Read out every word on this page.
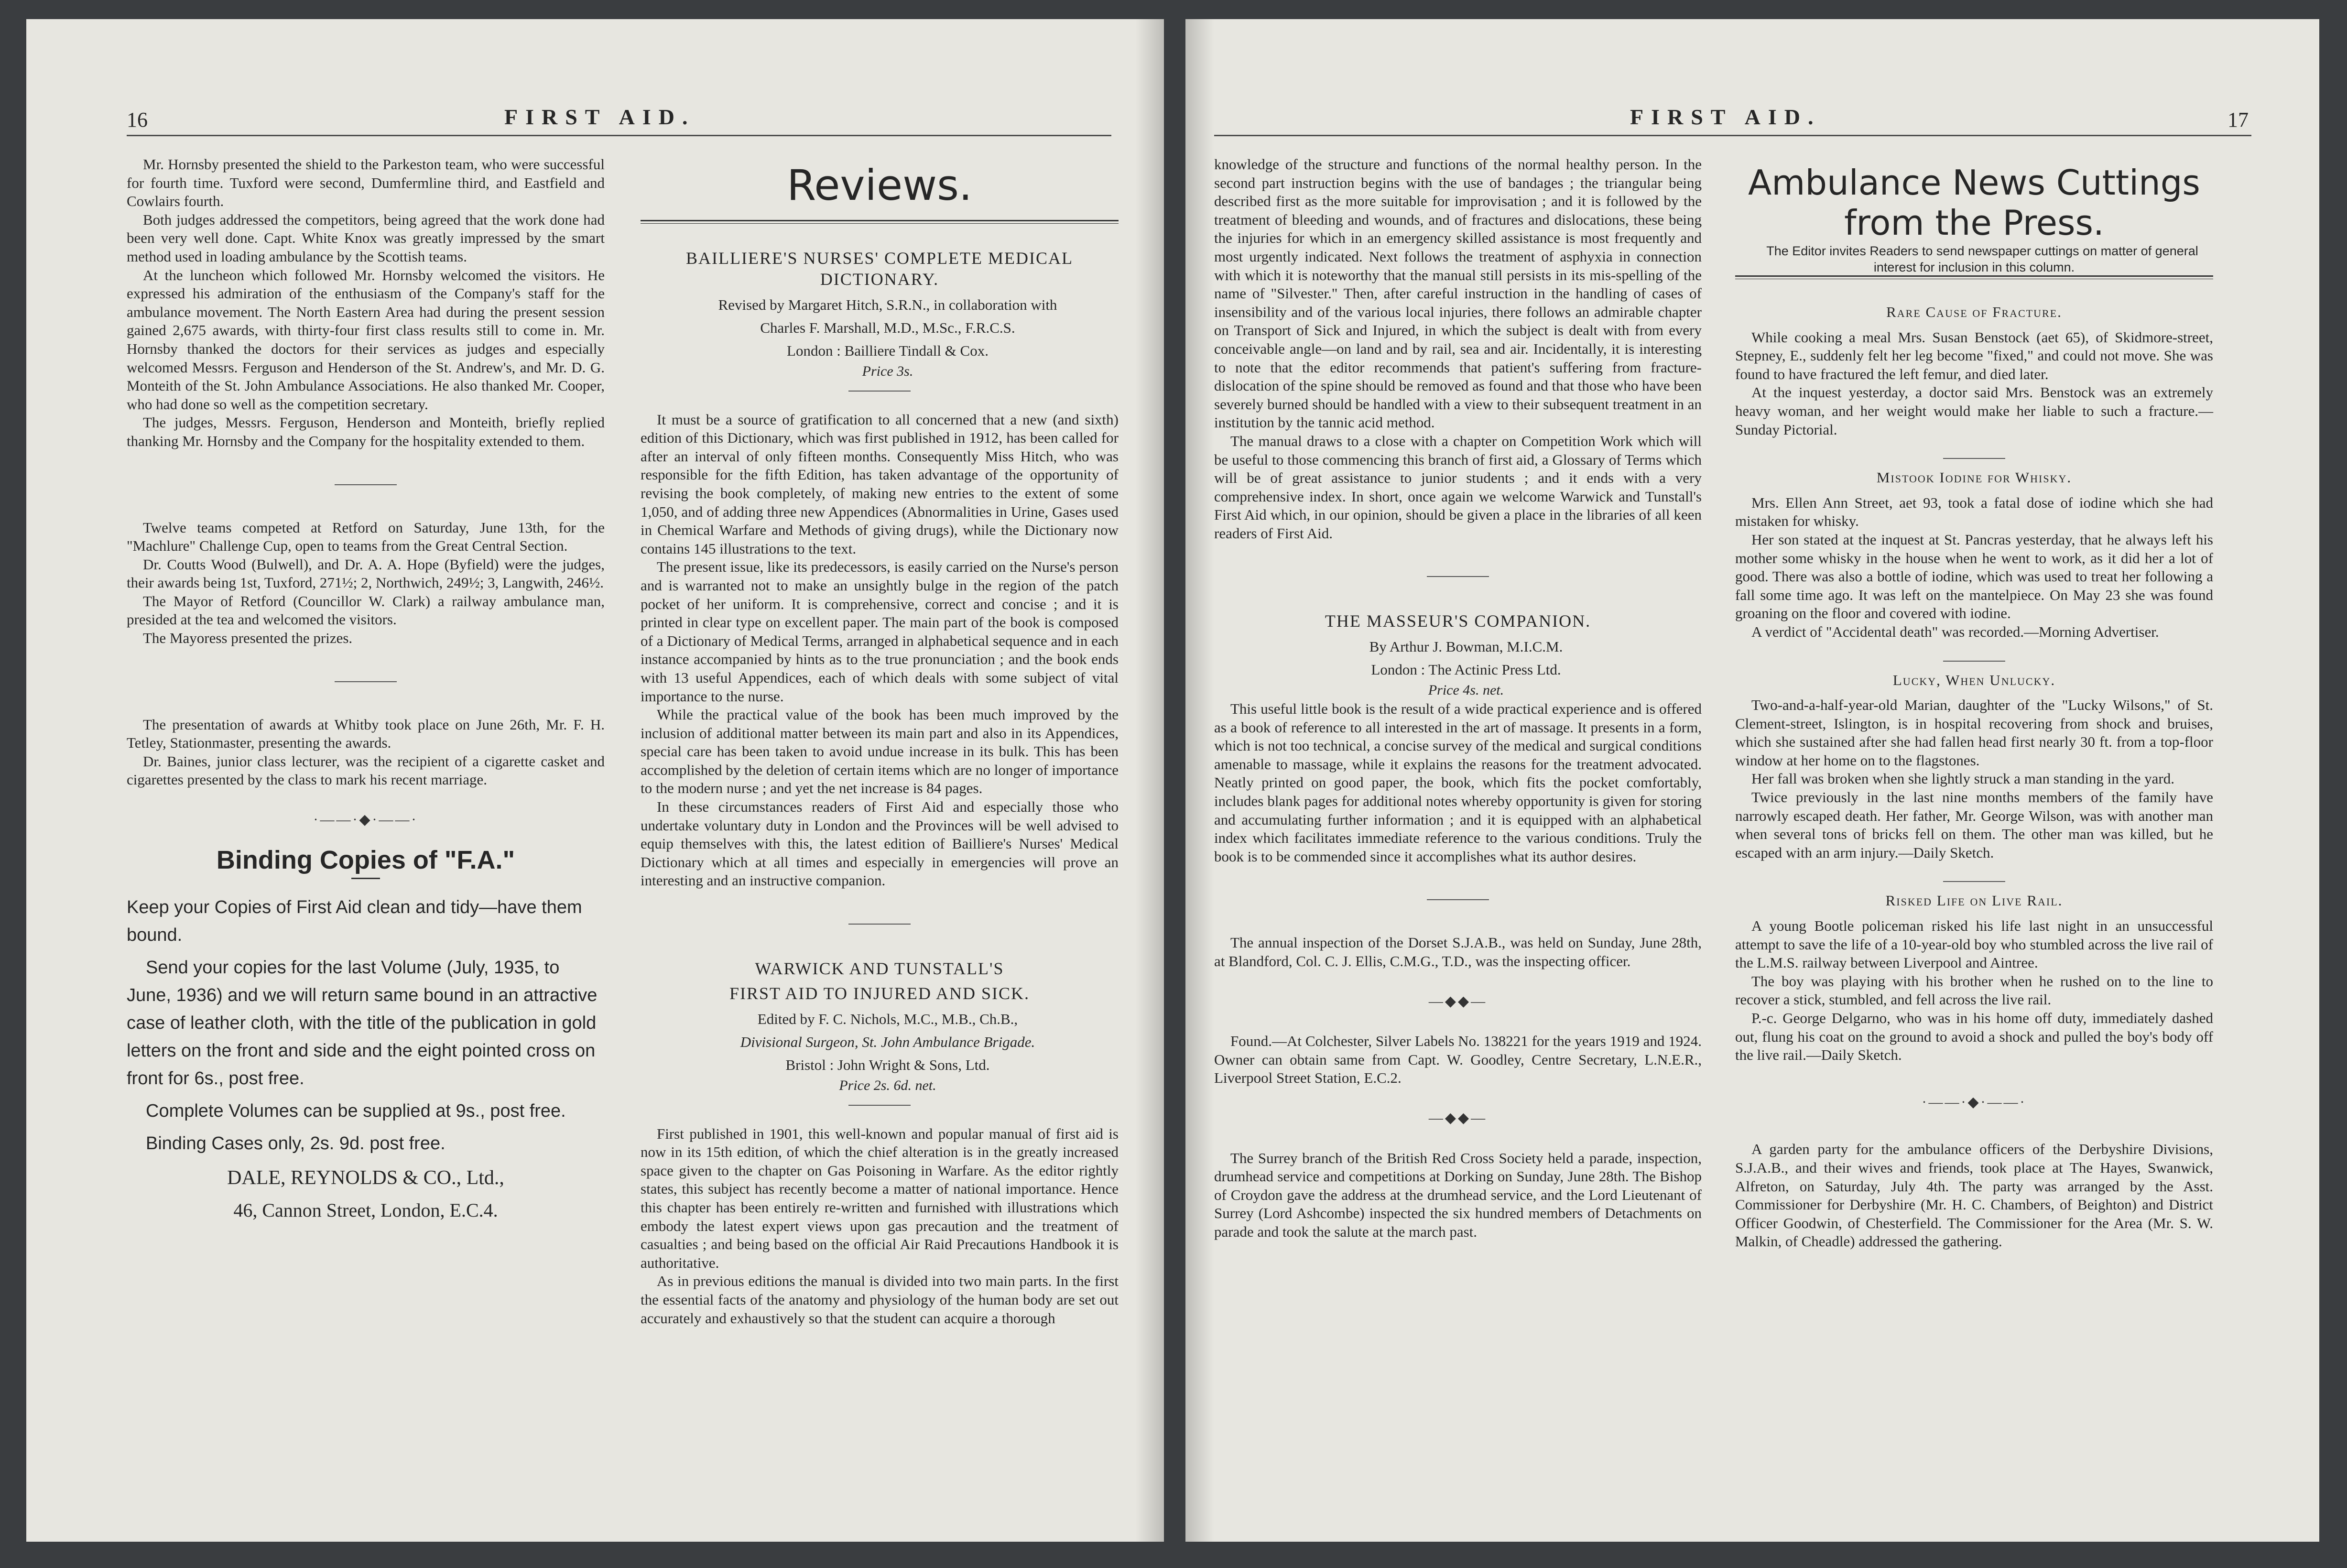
16	FIRST AID.

Mr. Hornsby presented the shield to the Parkeston team, who were successful for fourth time. Tuxford were second, Dumfermline third, and Eastfield and Cowlairs fourth.

Both judges addressed the competitors, being agreed that the work done had been very well done. Capt. White Knox was greatly impressed by the smart method used in loading ambulance by the Scottish teams.

At the luncheon which followed Mr. Hornsby welcomed the visitors. He expressed his admiration of the enthusiasm of the Company's staff for the ambulance movement. The North Eastern Area had during the present session gained 2,675 awards, with thirty-four first class results still to come in. Mr. Hornsby thanked the doctors for their services as judges and especially welcomed Messrs. Ferguson and Henderson of the St. Andrew's, and Mr. D. G. Monteith of the St. John Ambulance Associations. He also thanked Mr. Cooper, who had done so well as the competition secretary.

The judges, Messrs. Ferguson, Henderson and Monteith, briefly replied thanking Mr. Hornsby and the Company for the hospitality extended to them.

Twelve teams competed at Retford on Saturday, June 13th, for the "Machlure" Challenge Cup, open to teams from the Great Central Section.

Dr. Coutts Wood (Bulwell), and Dr. A. A. Hope (Byfield) were the judges, their awards being 1st, Tuxford, 271½; 2, Northwich, 249½; 3, Langwith, 246½.

The Mayor of Retford (Councillor W. Clark) a railway ambulance man, presided at the tea and welcomed the visitors.

The Mayoress presented the prizes.

The presentation of awards at Whitby took place on June 26th, Mr. F. H. Tetley, Stationmaster, presenting the awards.

Dr. Baines, junior class lecturer, was the recipient of a cigarette casket and cigarettes presented by the class to mark his recent marriage.

·——·◆·——·
Binding Copies of "F.A."

Keep your Copies of First Aid clean and tidy—have them bound.

Send your copies for the last Volume (July, 1935, to June, 1936) and we will return same bound in an attractive case of leather cloth, with the title of the publication in gold letters on the front and side and the eight pointed cross on front for 6s., post free.

Complete Volumes can be supplied at 9s., post free.

Binding Cases only, 2s. 9d. post free.

DALE, REYNOLDS & CO., Ltd.,

46, Cannon Street, London, E.C.4.

Reviews.
BAILLIERE'S NURSES' COMPLETE MEDICAL DICTIONARY.

Revised by Margaret Hitch, S.R.N., in collaboration with

Charles F. Marshall, M.D., M.Sc., F.R.C.S.

London : Bailliere Tindall & Cox.

Price 3s.

It must be a source of gratification to all concerned that a new (and sixth) edition of this Dictionary, which was first published in 1912, has been called for after an interval of only fifteen months. Consequently Miss Hitch, who was responsible for the fifth Edition, has taken advantage of the opportunity of revising the book completely, of making new entries to the extent of some 1,050, and of adding three new Appendices (Abnormalities in Urine, Gases used in Chemical Warfare and Methods of giving drugs), while the Dictionary now contains 145 illustrations to the text.

The present issue, like its predecessors, is easily carried on the Nurse's person and is warranted not to make an unsightly bulge in the region of the patch pocket of her uniform. It is comprehensive, correct and concise ; and it is printed in clear type on excellent paper. The main part of the book is composed of a Dictionary of Medical Terms, arranged in alphabetical sequence and in each instance accompanied by hints as to the true pronunciation ; and the book ends with 13 useful Appendices, each of which deals with some subject of vital importance to the nurse.

While the practical value of the book has been much improved by the inclusion of additional matter between its main part and also in its Appendices, special care has been taken to avoid undue increase in its bulk. This has been accomplished by the deletion of certain items which are no longer of importance to the modern nurse ; and yet the net increase is 84 pages.

In these circumstances readers of First Aid and especially those who undertake voluntary duty in London and the Provinces will be well advised to equip themselves with this, the latest edition of Bailliere's Nurses' Medical Dictionary which at all times and especially in emergencies will prove an interesting and an instructive companion.

WARWICK AND TUNSTALL'S
FIRST AID TO INJURED AND SICK.

Edited by F. C. Nichols, M.C., M.B., Ch.B.,

Divisional Surgeon, St. John Ambulance Brigade.

Bristol : John Wright & Sons, Ltd.

Price 2s. 6d. net.

First published in 1901, this well-known and popular manual of first aid is now in its 15th edition, of which the chief alteration is in the greatly increased space given to the chapter on Gas Poisoning in Warfare. As the editor rightly states, this subject has recently become a matter of national importance. Hence this chapter has been entirely re-written and furnished with illustrations which embody the latest expert views upon gas precaution and the treatment of casualties ; and being based on the official Air Raid Precautions Handbook it is authoritative.

As in previous editions the manual is divided into two main parts. In the first the essential facts of the anatomy and physiology of the human body are set out accurately and exhaustively so that the student can acquire a thorough

FIRST AID.	17

knowledge of the structure and functions of the normal healthy person. In the second part instruction begins with the use of bandages ; the triangular being described first as the more suitable for improvisation ; and it is followed by the treatment of bleeding and wounds, and of fractures and dislocations, these being the injuries for which in an emergency skilled assistance is most frequently and most urgently indicated. Next follows the treatment of asphyxia in connection with which it is noteworthy that the manual still persists in its mis-spelling of the name of "Silvester." Then, after careful instruction in the handling of cases of insensibility and of the various local injuries, there follows an admirable chapter on Transport of Sick and Injured, in which the subject is dealt with from every conceivable angle—on land and by rail, sea and air. Incidentally, it is interesting to note that the editor recommends that patient's suffering from fracture-dislocation of the spine should be removed as found and that those who have been severely burned should be handled with a view to their subsequent treatment in an institution by the tannic acid method.

The manual draws to a close with a chapter on Competition Work which will be useful to those commencing this branch of first aid, a Glossary of Terms which will be of great assistance to junior students ; and it ends with a very comprehensive index. In short, once again we welcome Warwick and Tunstall's First Aid which, in our opinion, should be given a place in the libraries of all keen readers of First Aid.

THE MASSEUR'S COMPANION.

By Arthur J. Bowman, M.I.C.M.

London : The Actinic Press Ltd.

Price 4s. net.

This useful little book is the result of a wide practical experience and is offered as a book of reference to all interested in the art of massage. It presents in a form, which is not too technical, a concise survey of the medical and surgical conditions amenable to massage, while it explains the reasons for the treatment advocated. Neatly printed on good paper, the book, which fits the pocket comfortably, includes blank pages for additional notes whereby opportunity is given for storing and accumulating further information ; and it is equipped with an alphabetical index which facilitates immediate reference to the various conditions. Truly the book is to be commended since it accomplishes what its author desires.

The annual inspection of the Dorset S.J.A.B., was held on Sunday, June 28th, at Blandford, Col. C. J. Ellis, C.M.G., T.D., was the inspecting officer.

—◆◆—

Found.—At Colchester, Silver Labels No. 138221 for the years 1919 and 1924. Owner can obtain same from Capt. W. Goodley, Centre Secretary, L.N.E.R., Liverpool Street Station, E.C.2.

—◆◆—

The Surrey branch of the British Red Cross Society held a parade, inspection, drumhead service and competitions at Dorking on Sunday, June 28th. The Bishop of Croydon gave the address at the drumhead service, and the Lord Lieutenant of Surrey (Lord Ashcombe) inspected the six hundred members of Detachments on parade and took the salute at the march past.

Ambulance News Cuttings
from the Press.

The Editor invites Readers to send newspaper cuttings on matter of general interest for inclusion in this column.

Rare Cause of Fracture.

While cooking a meal Mrs. Susan Benstock (aet 65), of Skidmore-street, Stepney, E., suddenly felt her leg become "fixed," and could not move. She was found to have fractured the left femur, and died later.

At the inquest yesterday, a doctor said Mrs. Benstock was an extremely heavy woman, and her weight would make her liable to such a fracture.—Sunday Pictorial.

Mistook Iodine for Whisky.

Mrs. Ellen Ann Street, aet 93, took a fatal dose of iodine which she had mistaken for whisky.

Her son stated at the inquest at St. Pancras yesterday, that he always left his mother some whisky in the house when he went to work, as it did her a lot of good. There was also a bottle of iodine, which was used to treat her following a fall some time ago. It was left on the mantelpiece. On May 23 she was found groaning on the floor and covered with iodine.

A verdict of "Accidental death" was recorded.—Morning Advertiser.

Lucky, When Unlucky.

Two-and-a-half-year-old Marian, daughter of the "Lucky Wilsons," of St. Clement-street, Islington, is in hospital recovering from shock and bruises, which she sustained after she had fallen head first nearly 30 ft. from a top-floor window at her home on to the flagstones.

Her fall was broken when she lightly struck a man standing in the yard.

Twice previously in the last nine months members of the family have narrowly escaped death. Her father, Mr. George Wilson, was with another man when several tons of bricks fell on them. The other man was killed, but he escaped with an arm injury.—Daily Sketch.

Risked Life on Live Rail.

A young Bootle policeman risked his life last night in an unsuccessful attempt to save the life of a 10-year-old boy who stumbled across the live rail of the L.M.S. railway between Liverpool and Aintree.

The boy was playing with his brother when he rushed on to the line to recover a stick, stumbled, and fell across the live rail.

P.-c. George Delgarno, who was in his home off duty, immediately dashed out, flung his coat on the ground to avoid a shock and pulled the boy's body off the live rail.—Daily Sketch.

·——·◆·——·

A garden party for the ambulance officers of the Derbyshire Divisions, S.J.A.B., and their wives and friends, took place at The Hayes, Swanwick, Alfreton, on Saturday, July 4th. The party was arranged by the Asst. Commissioner for Derbyshire (Mr. H. C. Chambers, of Beighton) and District Officer Goodwin, of Chesterfield. The Commissioner for the Area (Mr. S. W. Malkin, of Cheadle) addressed the gathering.
